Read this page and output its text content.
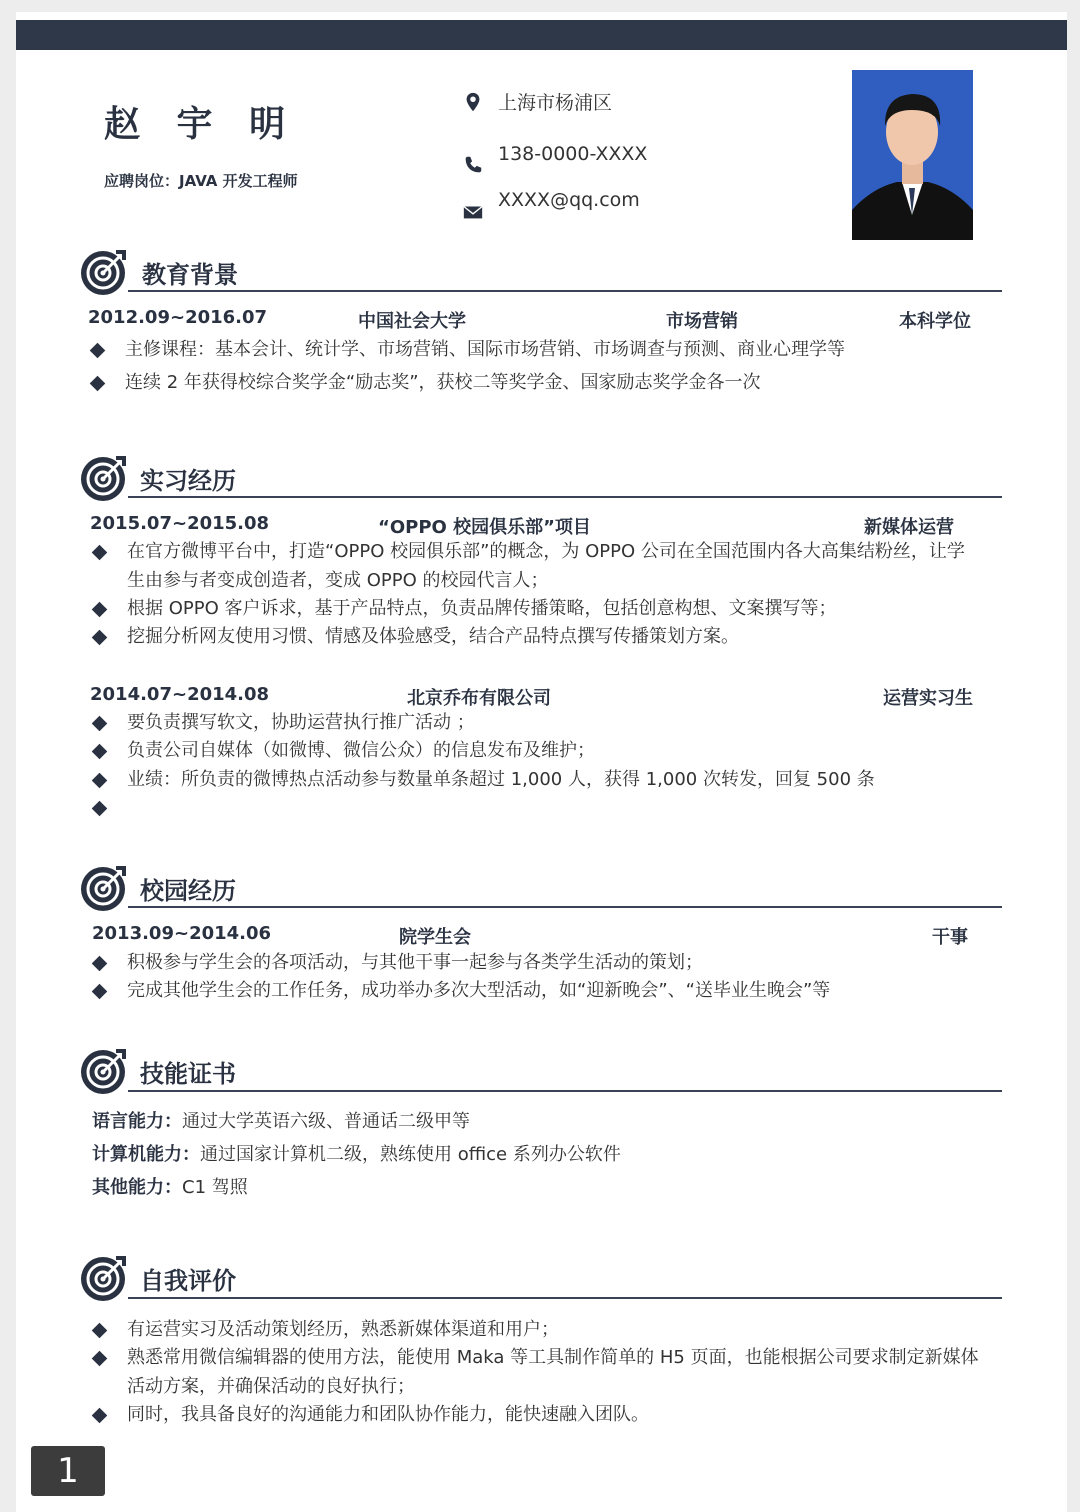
赵 宇 明
应聘岗位：JAVA 开发工程师
上海市杨浦区
138-0000-XXXX
XXXX@qq.com
教育背景
2012.09~2016.07	中国社会大学	市场营销	本科学位
主修课程：基本会计、统计学、市场营销、国际市场营销、市场调查与预测、商业心理学等
连续 2 年获得校综合奖学金“励志奖”，获校二等奖学金、国家励志奖学金各一次
实习经历
2015.07~2015.08	“OPPO 校园俱乐部”项目	新媒体运营
在官方微博平台中，打造“OPPO 校园俱乐部”的概念，为 OPPO 公司在全国范围内各大高集结粉丝，让学
生由参与者变成创造者，变成 OPPO 的校园代言人；
根据 OPPO 客户诉求，基于产品特点，负责品牌传播策略，包括创意构想、文案撰写等；
挖掘分析网友使用习惯、情感及体验感受，结合产品特点撰写传播策划方案。
2014.07~2014.08	北京乔布有限公司	运营实习生
要负责撰写软文，协助运营执行推广活动 ；
负责公司自媒体（如微博、微信公众）的信息发布及维护；
业绩：所负责的微博热点活动参与数量单条超过 1,000 人，获得 1,000 次转发，回复 500 条
校园经历
2013.09~2014.06	院学生会	干事
积极参与学生会的各项活动，与其他干事一起参与各类学生活动的策划；
完成其他学生会的工作任务，成功举办多次大型活动，如“迎新晚会”、“送毕业生晚会”等
技能证书
语言能力：通过大学英语六级、普通话二级甲等
计算机能力：通过国家计算机二级，熟练使用 office 系列办公软件
其他能力：C1 驾照
自我评价
有运营实习及活动策划经历，熟悉新媒体渠道和用户；
熟悉常用微信编辑器的使用方法，能使用 Maka 等工具制作简单的 H5 页面，也能根据公司要求制定新媒体
活动方案，并确保活动的良好执行；
同时，我具备良好的沟通能力和团队协作能力，能快速融入团队。
1
